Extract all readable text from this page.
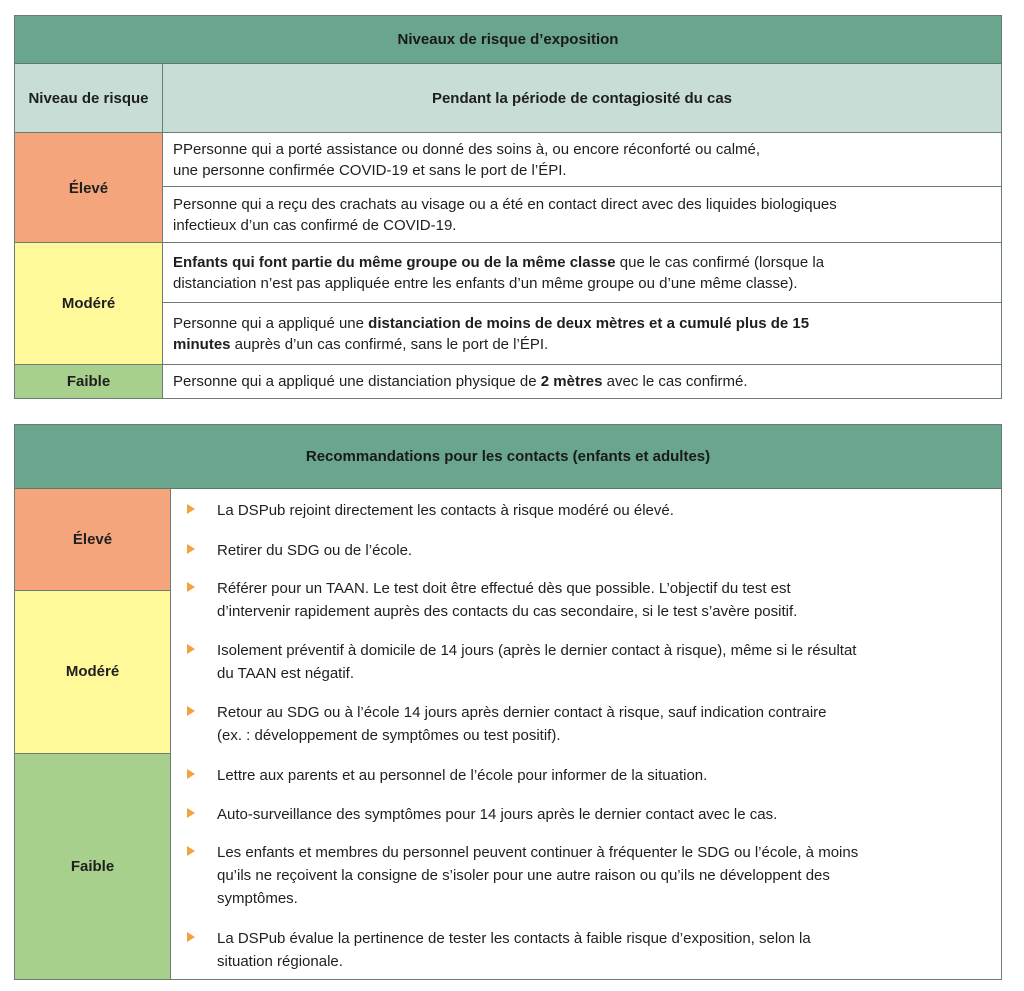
Niveaux de risque d’exposition
Niveau de risque	Pendant la période de contagiosité du cas
Élevé
Modéré
Faible
PPersonne qui a porté assistance ou donné des soins à, ou encore réconforté ou calmé,
une personne confirmée COVID-19 et sans le port de l’ÉPI.
Personne qui a reçu des crachats au visage ou a été en contact direct avec des liquides biologiques
infectieux d’un cas confirmé de COVID-19.
Enfants qui font partie du même groupe ou de la même classe que le cas confirmé (lorsque la
distanciation n’est pas appliquée entre les enfants d’un même groupe ou d’une même classe).
Personne qui a appliqué une distanciation de moins de deux mètres et a cumulé plus de 15
minutes auprès d’un cas confirmé, sans le port de l’ÉPI.
Personne qui a appliqué une distanciation physique de 2 mètres avec le cas confirmé.
Recommandations pour les contacts (enfants et adultes)
Élevé
Modéré
Faible
La DSPub rejoint directement les contacts à risque modéré ou élevé.
Retirer du SDG ou de l’école.
Référer pour un TAAN. Le test doit être effectué dès que possible. L’objectif du test est
d’intervenir rapidement auprès des contacts du cas secondaire, si le test s’avère positif.
Isolement préventif à domicile de 14 jours (après le dernier contact à risque), même si le résultat
du TAAN est négatif.
Retour au SDG ou à l’école 14 jours après dernier contact à risque, sauf indication contraire
(ex. : développement de symptômes ou test positif).
Lettre aux parents et au personnel de l’école pour informer de la situation.
Auto-surveillance des symptômes pour 14 jours après le dernier contact avec le cas.
Les enfants et membres du personnel peuvent continuer à fréquenter le SDG ou l’école, à moins
qu’ils ne reçoivent la consigne de s’isoler pour une autre raison ou qu’ils ne développent des
symptômes.
La DSPub évalue la pertinence de tester les contacts à faible risque d’exposition, selon la
situation régionale.
